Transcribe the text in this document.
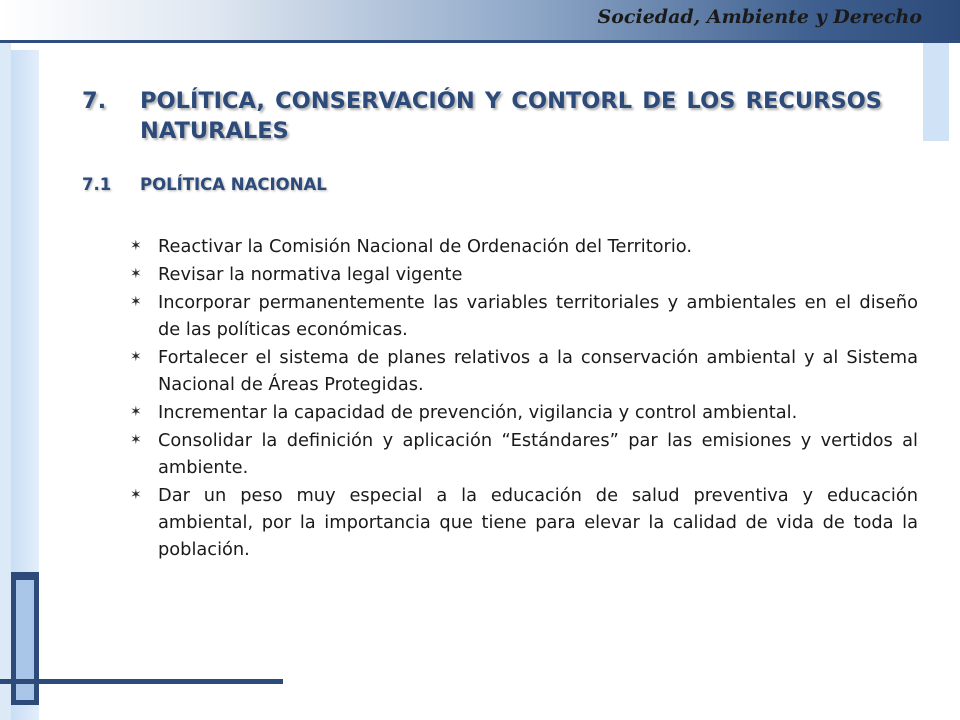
Sociedad, Ambiente y Derecho
7.	POLÍTICA, CONSERVACIÓN Y CONTORL DE LOS RECURSOS NATURALES
7.1	POLÍTICA NACIONAL
✶ Reactivar la Comisión Nacional de Ordenación del Territorio.
✶ Revisar la normativa legal vigente
✶ Incorporar permanentemente las variables territoriales y ambientales en el diseño de las políticas económicas.
✶ Fortalecer el sistema de planes relativos a la conservación ambiental y al Sistema Nacional de Áreas Protegidas.
✶ Incrementar la capacidad de prevención, vigilancia y control ambiental.
✶ Consolidar la definición y aplicación “Estándares” par las emisiones y vertidos al ambiente.
✶ Dar un peso muy especial a la educación de salud preventiva y educación ambiental, por la importancia que tiene para elevar la calidad de vida de toda la población.
